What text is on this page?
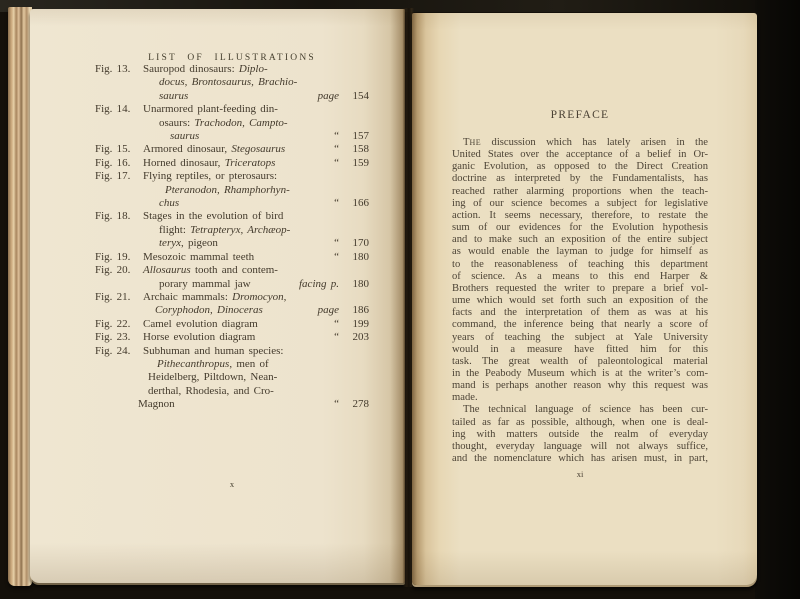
LIST OF ILLUSTRATIONS
Fig. 13.	Sauropod dinosaurs: Diplo-
docus, Brontosaurus, Brachio-
saurus	page	154
Fig. 14.	Unarmored plant-feeding din-
osaurs: Trachodon, Campto-
saurus	“	157
Fig. 15.	Armored dinosaur, Stegosaurus	“	158
Fig. 16.	Horned dinosaur, Triceratops	“	159
Fig. 17.	Flying reptiles, or pterosaurs:
Pteranodon, Rhamphorhyn-
chus	“	166
Fig. 18.	Stages in the evolution of bird
flight: Tetrapteryx, Archæop-
teryx, pigeon	“	170
Fig. 19.	Mesozoic mammal teeth	“	180
Fig. 20.	Allosaurus tooth and contem-
porary mammal jaw	facing p.	180
Fig. 21.	Archaic mammals: Dromocyon,
Coryphodon, Dinoceras	page	186
Fig. 22.	Camel evolution diagram	“	199
Fig. 23.	Horse evolution diagram	“	203
Fig. 24.	Subhuman and human species:
Pithecanthropus, men of
Heidelberg, Piltdown, Nean-
derthal, Rhodesia, and Cro-
Magnon	“	278
x
PREFACE
THE discussion which has lately arisen in the
United States over the acceptance of a belief in Or-
ganic Evolution, as opposed to the Direct Creation
doctrine as interpreted by the Fundamentalists, has
reached rather alarming proportions when the teach-
ing of our science becomes a subject for legislative
action. It seems necessary, therefore, to restate the
sum of our evidences for the Evolution hypothesis
and to make such an exposition of the entire subject
as would enable the layman to judge for himself as
to the reasonableness of teaching this department
of science. As a means to this end Harper &
Brothers requested the writer to prepare a brief vol-
ume which would set forth such an exposition of the
facts and the interpretation of them as was at his
command, the inference being that nearly a score of
years of teaching the subject at Yale University
would in a measure have fitted him for this
task. The great wealth of paleontological material
in the Peabody Museum which is at the writer’s com-
mand is perhaps another reason why this request was
made.
The technical language of science has been cur-
tailed as far as possible, although, when one is deal-
ing with matters outside the realm of everyday
thought, everyday language will not always suffice,
and the nomenclature which has arisen must, in part,
xi
